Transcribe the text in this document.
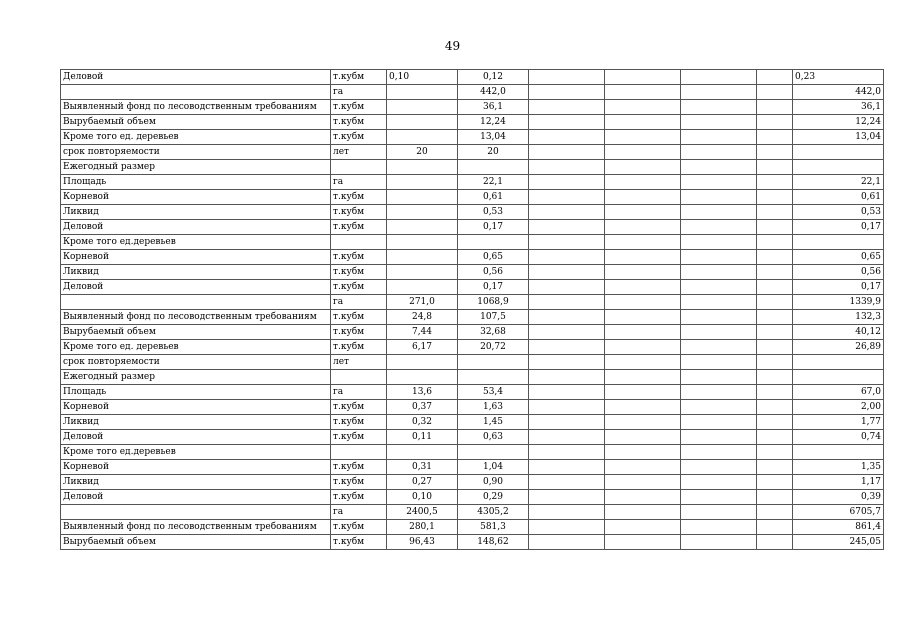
49
Деловой	т.кубм	0,10	0,12					0,23
	га		442,0					442,0
Выявленный фонд по лесоводственным требованиям	т.кубм		36,1					36,1
Вырубаемый объем	т.кубм		12,24					12,24
Кроме того ед. деревьев	т.кубм		13,04					13,04
срок повторяемости	лет	20	20					
Ежегодный размер								
Площадь	га		22,1					22,1
Корневой	т.кубм		0,61					0,61
Ликвид	т.кубм		0,53					0,53
Деловой	т.кубм		0,17					0,17
Кроме того ед.деревьев								
Корневой	т.кубм		0,65					0,65
Ликвид	т.кубм		0,56					0,56
Деловой	т.кубм		0,17					0,17
	га	271,0	1068,9					1339,9
Выявленный фонд по лесоводственным требованиям	т.кубм	24,8	107,5					132,3
Вырубаемый объем	т.кубм	7,44	32,68					40,12
Кроме того ед. деревьев	т.кубм	6,17	20,72					26,89
срок повторяемости	лет							
Ежегодный размер								
Площадь	га	13,6	53,4					67,0
Корневой	т.кубм	0,37	1,63					2,00
Ликвид	т.кубм	0,32	1,45					1,77
Деловой	т.кубм	0,11	0,63					0,74
Кроме того ед.деревьев								
Корневой	т.кубм	0,31	1,04					1,35
Ликвид	т.кубм	0,27	0,90					1,17
Деловой	т.кубм	0,10	0,29					0,39
	га	2400,5	4305,2					6705,7
Выявленный фонд по лесоводственным требованиям	т.кубм	280,1	581,3					861,4
Вырубаемый объем	т.кубм	96,43	148,62					245,05
